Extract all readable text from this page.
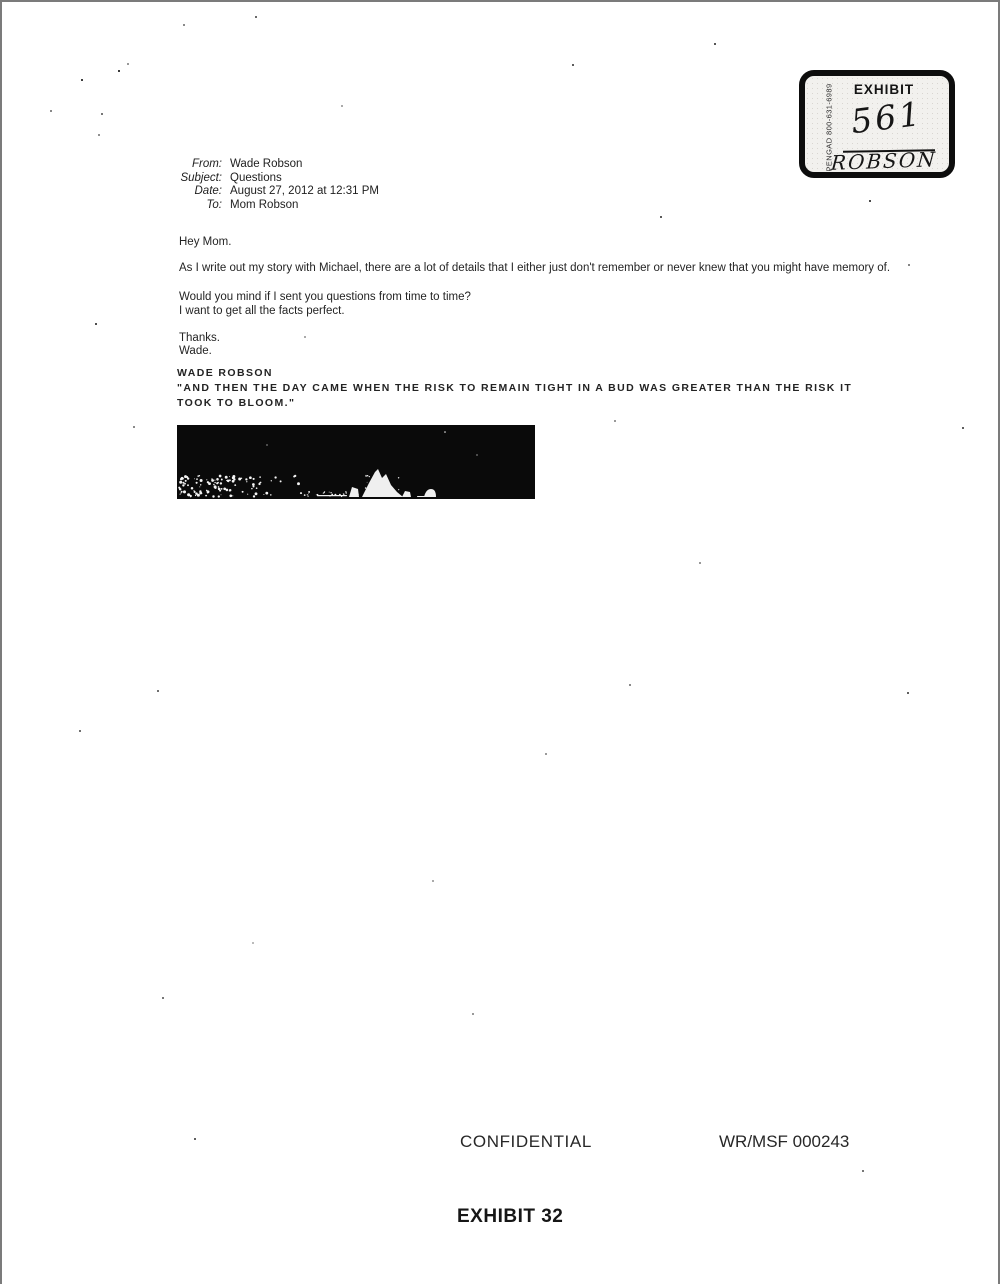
EXHIBIT
PENGAD 800-631-6989 561
ROBSON
From: Wade Robson
Subject: Questions
Date: August 27, 2012 at 12:31 PM
To: Mom Robson
Hey Mom.
As I write out my story with Michael, there are a lot of details that I either just don't remember or never knew that you might have memory of.
Would you mind if I sent you questions from time to time?
I want to get all the facts perfect.
Thanks.
Wade.
WADE ROBSON
"AND THEN THE DAY CAME WHEN THE RISK TO REMAIN TIGHT IN A BUD WAS GREATER THAN THE RISK IT
TOOK TO BLOOM."
CONFIDENTIAL	WR/MSF 000243
EXHIBIT 32
